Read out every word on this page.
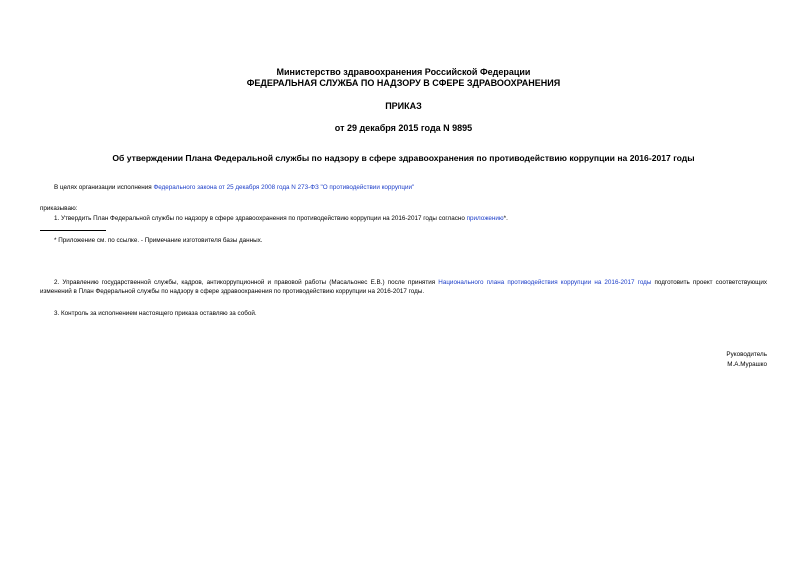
Министерство здравоохранения Российской Федерации
ФЕДЕРАЛЬНАЯ СЛУЖБА ПО НАДЗОРУ В СФЕРЕ ЗДРАВООХРАНЕНИЯ
ПРИКАЗ
от 29 декабря 2015 года N 9895
Об утверждении Плана Федеральной службы по надзору в сфере здравоохранения по противодействию коррупции на 2016-2017 годы
В целях организации исполнения Федерального закона от 25 декабря 2008 года N 273-ФЗ "О противодействии коррупции"
приказываю:
1. Утвердить План Федеральной службы по надзору в сфере здравоохранения по противодействию коррупции на 2016-2017 годы согласно приложению*.
* Приложение см. по ссылке. - Примечание изготовителя базы данных.
2. Управлению государственной службы, кадров, антикоррупционной и правовой работы (Масальонес Е.В.) после принятия Национального плана противодействия коррупции на 2016-2017 годы подготовить проект соответствующих изменений в План Федеральной службы по надзору в сфере здравоохранения по противодействию коррупции на 2016-2017 годы.
3. Контроль за исполнением настоящего приказа оставляю за собой.
Руководитель
М.А.Мурашко
